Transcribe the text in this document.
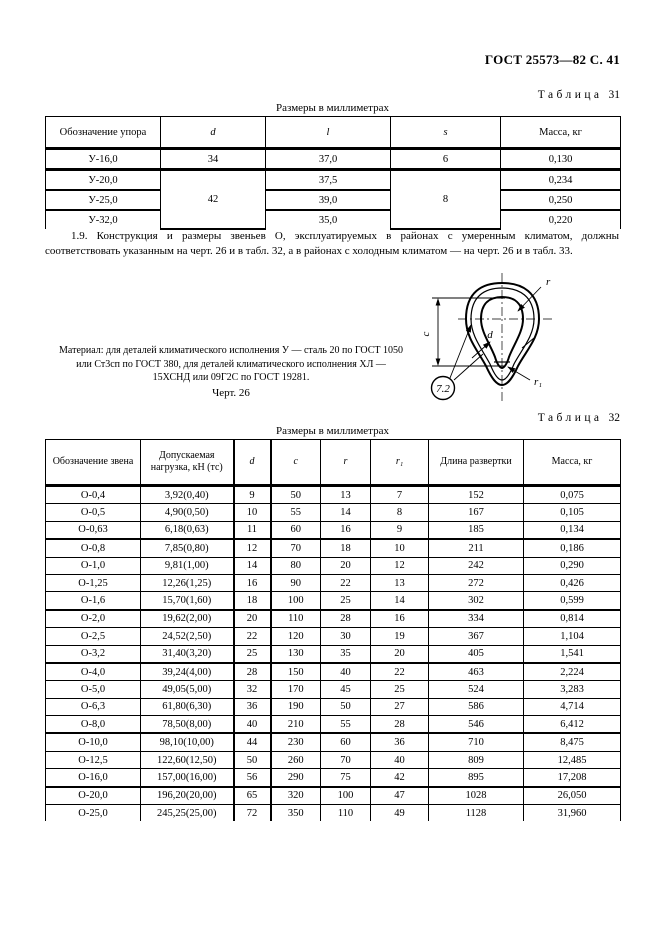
ГОСТ 25573—82 С. 41
Таблица 31
Размеры в миллиметрах
Обозначение упора	d	l	s	Масса, кг
У-16,0	34	37,0	6	0,130
У-20,0	42	37,5	8	0,234
У-25,0		39,0		0,250
У-32,0		35,0		0,220
1.9. Конструкция и размеры звеньев О, эксплуатируемых в районах с умеренным климатом, должны соответствовать указанным на черт. 26 и в табл. 32, а в районах с холодным климатом — на черт. 26 и в табл. 33.
c
r
d
r₁
7.2
Материал: для деталей климатического исполнения У — сталь 20 по ГОСТ 1050
или Ст3сп по ГОСТ 380, для деталей климатического исполнения ХЛ —
15ХСНД или 09Г2С по ГОСТ 19281.
Черт. 26
Таблица 32
Размеры в миллиметрах
Обозначение звена	Допускаемая нагрузка, кН (тс)	d	c	r	r₁	Длина развертки	Масса, кг
О-0,4	3,92(0,40)	9	50	13	7	152	0,075
О-0,5	4,90(0,50)	10	55	14	8	167	0,105
О-0,63	6,18(0,63)	11	60	16	9	185	0,134
О-0,8	7,85(0,80)	12	70	18	10	211	0,186
О-1,0	9,81(1,00)	14	80	20	12	242	0,290
О-1,25	12,26(1,25)	16	90	22	13	272	0,426
О-1,6	15,70(1,60)	18	100	25	14	302	0,599
О-2,0	19,62(2,00)	20	110	28	16	334	0,814
О-2,5	24,52(2,50)	22	120	30	19	367	1,104
О-3,2	31,40(3,20)	25	130	35	20	405	1,541
О-4,0	39,24(4,00)	28	150	40	22	463	2,224
О-5,0	49,05(5,00)	32	170	45	25	524	3,283
О-6,3	61,80(6,30)	36	190	50	27	586	4,714
О-8,0	78,50(8,00)	40	210	55	28	546	6,412
О-10,0	98,10(10,00)	44	230	60	36	710	8,475
О-12,5	122,60(12,50)	50	260	70	40	809	12,485
О-16,0	157,00(16,00)	56	290	75	42	895	17,208
О-20,0	196,20(20,00)	65	320	100	47	1028	26,050
О-25,0	245,25(25,00)	72	350	110	49	1128	31,960
